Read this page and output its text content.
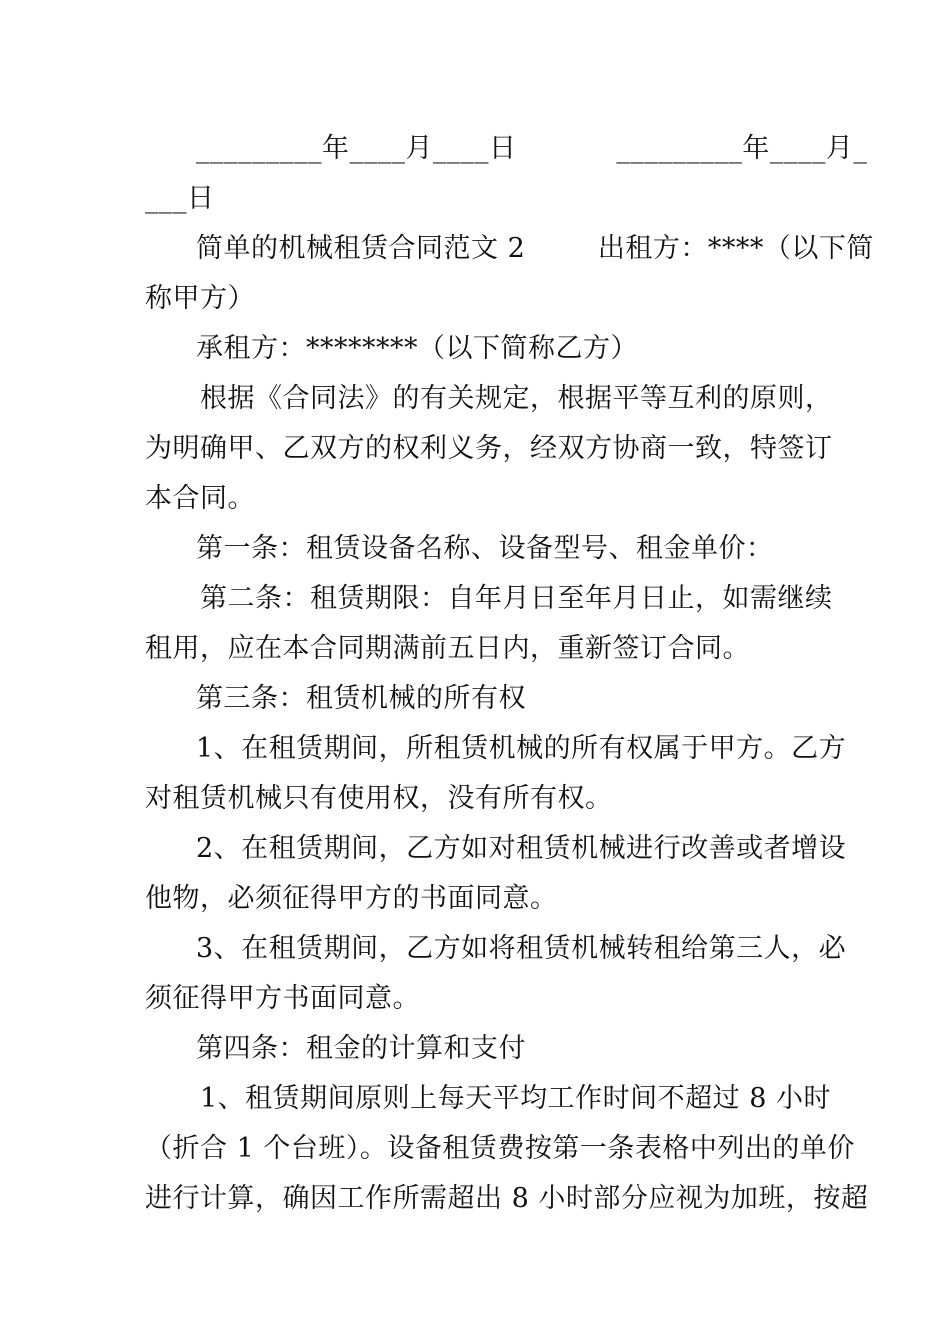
_________年____月____日           _________年____月_
___日
简单的机械租赁合同范文 2        出租方：****（以下简
称甲方）
承租方：********（以下简称乙方）
根据《合同法》的有关规定，根据平等互利的原则，
为明确甲、乙双方的权利义务，经双方协商一致，特签订
本合同。
第一条：租赁设备名称、设备型号、租金单价：
第二条：租赁期限：自年月日至年月日止，如需继续
租用，应在本合同期满前五日内，重新签订合同。
第三条：租赁机械的所有权
1、在租赁期间，所租赁机械的所有权属于甲方。乙方
对租赁机械只有使用权，没有所有权。
2、在租赁期间，乙方如对租赁机械进行改善或者增设
他物，必须征得甲方的书面同意。
3、在租赁期间，乙方如将租赁机械转租给第三人，必
须征得甲方书面同意。
第四条：租金的计算和支付
1、租赁期间原则上每天平均工作时间不超过 8 小时
（折合 1 个台班）。设备租赁费按第一条表格中列出的单价
进行计算，确因工作所需超出 8 小时部分应视为加班，按超
